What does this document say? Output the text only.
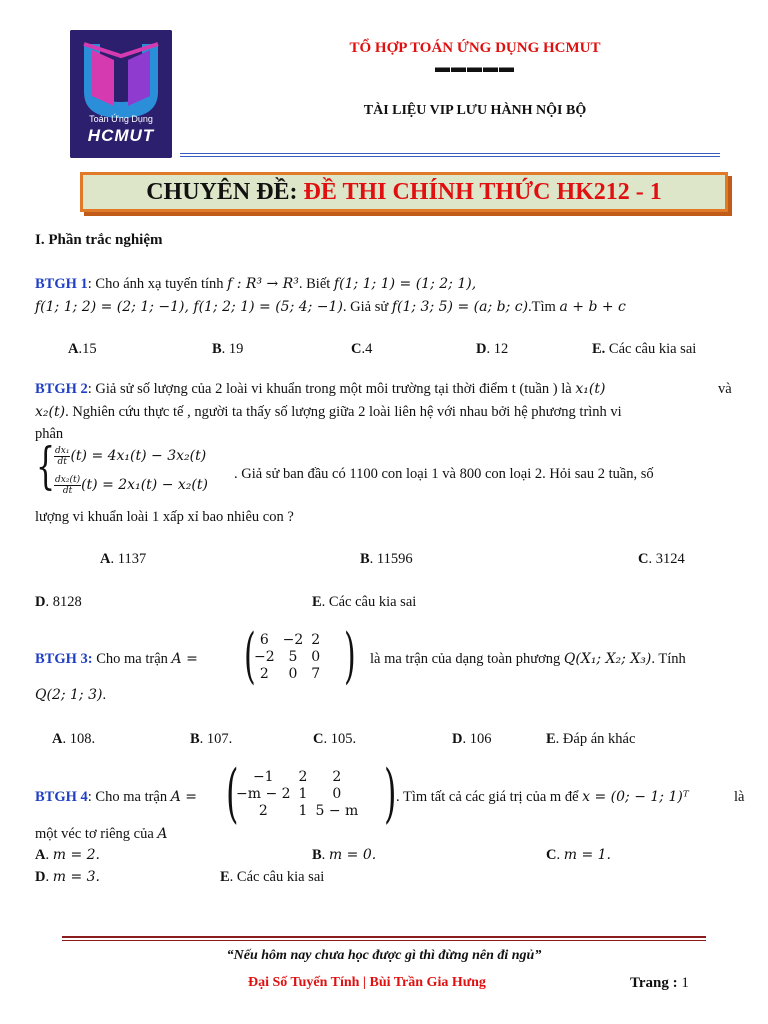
Toán Ứng Dụng
HCMUT
TỔ HỢP TOÁN ỨNG DỤNG HCMUT
▬▬▬▬▬
TÀI LIỆU VIP LƯU HÀNH NỘI BỘ
CHUYÊN ĐỀ: ĐỀ THI CHÍNH THỨC HK212 - 1
I. Phần trắc nghiệm
BTGH 1: Cho ánh xạ tuyến tính f : R³ → R³. Biết f(1; 1; 1) = (1; 2; 1),
f(1; 1; 2) = (2; 1; −1), f(1; 2; 1) = (5; 4; −1). Giả sử f(1; 3; 5) = (a; b; c).Tìm a + b + c
A.15	B. 19	C.4	D. 12	E. Các câu kia sai
BTGH 2: Giả sử số lượng của 2 loài vi khuẩn trong một môi trường tại thời điểm t (tuần ) là x₁(t)	và
x₂(t). Nghiên cứu thực tế , người ta thấy số lượng giữa 2 loài liên hệ với nhau bởi hệ phương trình vi
phân
{
$\frac{\text{dx₁}}{dt} (t) = 4x_1(t) - 3x_2(t)$
$\frac{\text{dx₂(t)}}{dt} (t) = 2x_1(t) - x_2(t)$
. Giả sử ban đầu có 1100 con loại 1 và 800 con loại 2. Hỏi sau 2 tuần, số
lượng vi khuẩn loài 1 xấp xỉ bao nhiêu con ?
A. 1137	B. 11596	C. 3124
D. 8128	E. Các câu kia sai
BTGH 3: Cho ma trận A = ( 6	−2	2
−2	5	0
2	0	7 ) là ma trận của dạng toàn phương Q(X₁; X₂; X₃). Tính
Q(2; 1; 3).
A. 108.	B. 107.	C. 105.	D. 106	E. Đáp án khác
BTGH 4: Cho ma trận A = ( −1	2	2
−m − 2	1	0
2	1	5 − m ) . Tìm tất cả các giá trị của m để x = (0; − 1; 1)ᵀ	là
một véc tơ riêng của A
A. m = 2.	B. m = 0.	C. m = 1.
D. m = 3.	E. Các câu kia sai
“Nếu hôm nay chưa học được gì thì đừng nên đi ngủ”
Đại Số Tuyến Tính | Bùi Trần Gia Hưng	Trang : 1
